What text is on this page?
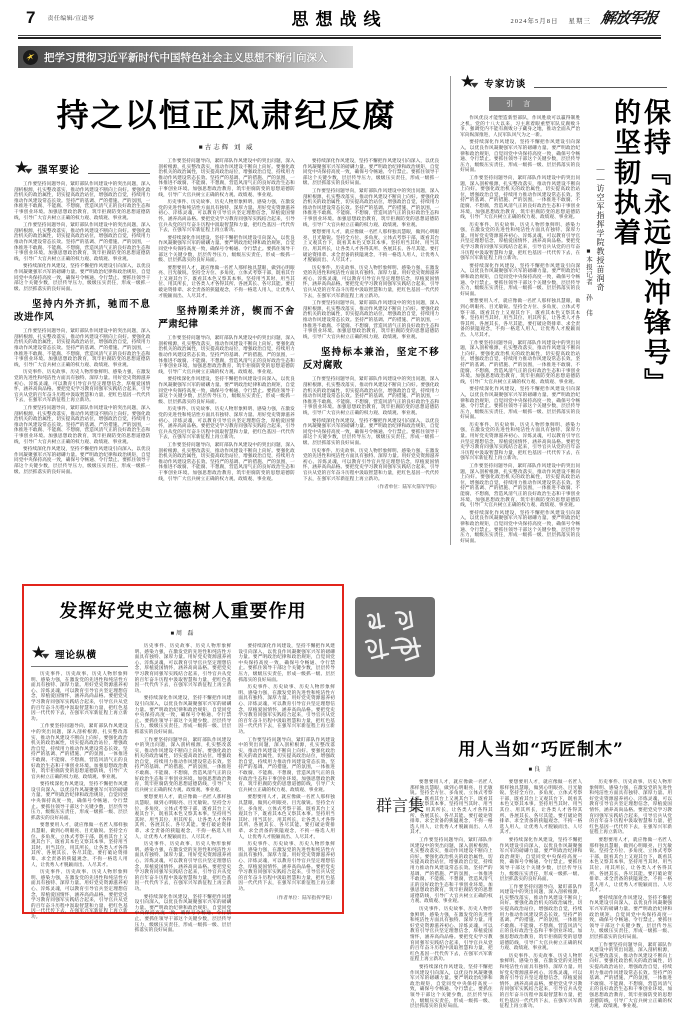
7 责任编辑/宣道琴	思想战线	2024年5月8日 星期三 解放军报
把学习贯彻习近平新时代中国特色社会主义思想不断引向深入
持之以恒正风肃纪反腐
■古志辉 刘 威
强军要论

工作要坚持问题导向，紧盯部队作风建设中的突出问题，深入剖析根源，扎实整改落实，推动作风建设不断向上向好。要强化政治机关的政治属性，切实提高政治站位，增强政治自觉，持续用力推动作风建设常态长效。坚持严的基调、严的措施、严的氛围，一体推进不敢腐、不能腐、不想腐，营造风清气正的良好政治生态和干事创业环境。加强思想政治教育，筑牢拒腐防变的思想道德防线，引导广大官兵树立正确的权力观、政绩观、事业观。

工作要坚持问题导向，紧盯部队作风建设中的突出问题，深入剖析根源，扎实整改落实，推动作风建设不断向上向好。要强化政治机关的政治属性，切实提高政治站位，增强政治自觉，持续用力推动作风建设常态长效。坚持严的基调、严的措施、严的氛围，一体推进不敢腐、不能腐、不想腐，营造风清气正的良好政治生态和干事创业环境。加强思想政治教育，筑牢拒腐防变的思想道德防线，引导广大官兵树立正确的权力观、政绩观、事业观。

要持续深化作风建设，坚持不懈把作风建设引向深入，以优良作风凝聚强军兴军的磅礴力量。要严明政治纪律和政治规矩，自觉同党中央保持高度一致，确保号令畅通、令行禁止。要抓住领导干部这个关键少数，层层传导压力，级级压实责任，形成一级抓一级、层层抓落实的良好局面。

坚持内外齐抓，驰而不息改进作风

工作要坚持问题导向，紧盯部队作风建设中的突出问题，深入剖析根源，扎实整改落实，推动作风建设不断向上向好。要强化政治机关的政治属性，切实提高政治站位，增强政治自觉，持续用力推动作风建设常态长效。坚持严的基调、严的措施、严的氛围，一体推进不敢腐、不能腐、不想腐，营造风清气正的良好政治生态和干事创业环境。加强思想政治教育，筑牢拒腐防变的思想道德防线，引导广大官兵树立正确的权力观、政绩观、事业观。

历史事件、历史故事、历史人物形象鲜明、感染力强，在激发党的先进性和纯洁性方面具有独特、深厚力量。用好党史资源滋养初心、淬炼灵魂，可以教育引导官兵坚定理想信念，厚植爱国情怀，涵养高尚品格。要把党史学习教育同强军实践结合起来，引导官兵从党的百年奋斗历程中汲取智慧和力量，把红色基因一代代传下去，在强军兴军新征程上再立新功。

工作要坚持问题导向，紧盯部队作风建设中的突出问题，深入剖析根源，扎实整改落实，推动作风建设不断向上向好。要强化政治机关的政治属性，切实提高政治站位，增强政治自觉，持续用力推动作风建设常态长效。坚持严的基调、严的措施、严的氛围，一体推进不敢腐、不能腐、不想腐，营造风清气正的良好政治生态和干事创业环境。加强思想政治教育，筑牢拒腐防变的思想道德防线，引导广大官兵树立正确的权力观、政绩观、事业观。

要持续深化作风建设，坚持不懈把作风建设引向深入，以优良作风凝聚强军兴军的磅礴力量。要严明政治纪律和政治规矩，自觉同党中央保持高度一致，确保号令畅通、令行禁止。要抓住领导干部这个关键少数，层层传导压力，级级压实责任，形成一级抓一级、层层抓落实的良好局面。

工作要坚持问题导向，紧盯部队作风建设中的突出问题，深入剖析根源，扎实整改落实，推动作风建设不断向上向好。要强化政治机关的政治属性，切实提高政治站位，增强政治自觉，持续用力推动作风建设常态长效。坚持严的基调、严的措施、严的氛围，一体推进不敢腐、不能腐、不想腐，营造风清气正的良好政治生态和干事创业环境。加强思想政治教育，筑牢拒腐防变的思想道德防线，引导广大官兵树立正确的权力观、政绩观、事业观。

历史事件、历史故事、历史人物形象鲜明、感染力强，在激发党的先进性和纯洁性方面具有独特、深厚力量。用好党史资源滋养初心、淬炼灵魂，可以教育引导官兵坚定理想信念，厚植爱国情怀，涵养高尚品格。要把党史学习教育同强军实践结合起来，引导官兵从党的百年奋斗历程中汲取智慧和力量，把红色基因一代代传下去，在强军兴军新征程上再立新功。

要持续深化作风建设，坚持不懈把作风建设引向深入，以优良作风凝聚强军兴军的磅礴力量。要严明政治纪律和政治规矩，自觉同党中央保持高度一致，确保号令畅通、令行禁止。要抓住领导干部这个关键少数，层层传导压力，级级压实责任，形成一级抓一级、层层抓落实的良好局面。

要想要用人才，就应像做一名匠人那样独具慧眼，做到心明眼亮、目光敏锐。坚持全方位、多角度、立体式考察干部，既看其台上又观其台下，既看其本色又察其本事。坚持用当其时、用当其位、用其所长，让各类人才各得其所、各展其长、各尽其能。要打破论资排辈、求全责备的狭隘观念，不拘一格选人用人，让优秀人才脱颖而出、人尽其才。

坚持刚柔并济，锲而不舍严肃纪律

工作要坚持问题导向，紧盯部队作风建设中的突出问题，深入剖析根源，扎实整改落实，推动作风建设不断向上向好。要强化政治机关的政治属性，切实提高政治站位，增强政治自觉，持续用力推动作风建设常态长效。坚持严的基调、严的措施、严的氛围，一体推进不敢腐、不能腐、不想腐，营造风清气正的良好政治生态和干事创业环境。加强思想政治教育，筑牢拒腐防变的思想道德防线，引导广大官兵树立正确的权力观、政绩观、事业观。

要持续深化作风建设，坚持不懈把作风建设引向深入，以优良作风凝聚强军兴军的磅礴力量。要严明政治纪律和政治规矩，自觉同党中央保持高度一致，确保号令畅通、令行禁止。要抓住领导干部这个关键少数，层层传导压力，级级压实责任，形成一级抓一级、层层抓落实的良好局面。

历史事件、历史故事、历史人物形象鲜明、感染力强，在激发党的先进性和纯洁性方面具有独特、深厚力量。用好党史资源滋养初心、淬炼灵魂，可以教育引导官兵坚定理想信念，厚植爱国情怀，涵养高尚品格。要把党史学习教育同强军实践结合起来，引导官兵从党的百年奋斗历程中汲取智慧和力量，把红色基因一代代传下去，在强军兴军新征程上再立新功。

工作要坚持问题导向，紧盯部队作风建设中的突出问题，深入剖析根源，扎实整改落实，推动作风建设不断向上向好。要强化政治机关的政治属性，切实提高政治站位，增强政治自觉，持续用力推动作风建设常态长效。坚持严的基调、严的措施、严的氛围，一体推进不敢腐、不能腐、不想腐，营造风清气正的良好政治生态和干事创业环境。加强思想政治教育，筑牢拒腐防变的思想道德防线，引导广大官兵树立正确的权力观、政绩观、事业观。

要持续深化作风建设，坚持不懈把作风建设引向深入，以优良作风凝聚强军兴军的磅礴力量。要严明政治纪律和政治规矩，自觉同党中央保持高度一致，确保号令畅通、令行禁止。要抓住领导干部这个关键少数，层层传导压力，级级压实责任，形成一级抓一级、层层抓落实的良好局面。

工作要坚持问题导向，紧盯部队作风建设中的突出问题，深入剖析根源，扎实整改落实，推动作风建设不断向上向好。要强化政治机关的政治属性，切实提高政治站位，增强政治自觉，持续用力推动作风建设常态长效。坚持严的基调、严的措施、严的氛围，一体推进不敢腐、不能腐、不想腐，营造风清气正的良好政治生态和干事创业环境。加强思想政治教育，筑牢拒腐防变的思想道德防线，引导广大官兵树立正确的权力观、政绩观、事业观。

要想要用人才，就应像做一名匠人那样独具慧眼，做到心明眼亮、目光敏锐。坚持全方位、多角度、立体式考察干部，既看其台上又观其台下，既看其本色又察其本事。坚持用当其时、用当其位、用其所长，让各类人才各得其所、各展其长、各尽其能。要打破论资排辈、求全责备的狭隘观念，不拘一格选人用人，让优秀人才脱颖而出、人尽其才。

历史事件、历史故事、历史人物形象鲜明、感染力强，在激发党的先进性和纯洁性方面具有独特、深厚力量。用好党史资源滋养初心、淬炼灵魂，可以教育引导官兵坚定理想信念，厚植爱国情怀，涵养高尚品格。要把党史学习教育同强军实践结合起来，引导官兵从党的百年奋斗历程中汲取智慧和力量，把红色基因一代代传下去，在强军兴军新征程上再立新功。

工作要坚持问题导向，紧盯部队作风建设中的突出问题，深入剖析根源，扎实整改落实，推动作风建设不断向上向好。要强化政治机关的政治属性，切实提高政治站位，增强政治自觉，持续用力推动作风建设常态长效。坚持严的基调、严的措施、严的氛围，一体推进不敢腐、不能腐、不想腐，营造风清气正的良好政治生态和干事创业环境。加强思想政治教育，筑牢拒腐防变的思想道德防线，引导广大官兵树立正确的权力观、政绩观、事业观。

坚持标本兼治，坚定不移反对腐败

工作要坚持问题导向，紧盯部队作风建设中的突出问题，深入剖析根源，扎实整改落实，推动作风建设不断向上向好。要强化政治机关的政治属性，切实提高政治站位，增强政治自觉，持续用力推动作风建设常态长效。坚持严的基调、严的措施、严的氛围，一体推进不敢腐、不能腐、不想腐，营造风清气正的良好政治生态和干事创业环境。加强思想政治教育，筑牢拒腐防变的思想道德防线，引导广大官兵树立正确的权力观、政绩观、事业观。

要持续深化作风建设，坚持不懈把作风建设引向深入，以优良作风凝聚强军兴军的磅礴力量。要严明政治纪律和政治规矩，自觉同党中央保持高度一致，确保号令畅通、令行禁止。要抓住领导干部这个关键少数，层层传导压力，级级压实责任，形成一级抓一级、层层抓落实的良好局面。

历史事件、历史故事、历史人物形象鲜明、感染力强，在激发党的先进性和纯洁性方面具有独特、深厚力量。用好党史资源滋养初心、淬炼灵魂，可以教育引导官兵坚定理想信念，厚植爱国情怀，涵养高尚品格。要把党史学习教育同强军实践结合起来，引导官兵从党的百年奋斗历程中汲取智慧和力量，把红色基因一代代传下去，在强军兴军新征程上再立新功。

（作者单位：陆军火箭军学院）
专家访谈
■本报记者 孙 伟 ——访空军指挥学院教授苗润奇	保持『永远吹冲锋号』的坚韧执着
引 言

作风优良才能塑造新型部队，作风胜敌可以赢得制胜之机。党的十八大以来，习主席着眼重塑军队反腐败斗争、强调党内不能有腐败分子藏身之地，推动全面从严治军向纵深推进，人民军队风气为之一新。

要持续深化作风建设，坚持不懈把作风建设引向深入，以优良作风凝聚强军兴军的磅礴力量。要严明政治纪律和政治规矩，自觉同党中央保持高度一致，确保号令畅通、令行禁止。要抓住领导干部这个关键少数，层层传导压力，级级压实责任，形成一级抓一级、层层抓落实的良好局面。

工作要坚持问题导向，紧盯部队作风建设中的突出问题，深入剖析根源，扎实整改落实，推动作风建设不断向上向好。要强化政治机关的政治属性，切实提高政治站位，增强政治自觉，持续用力推动作风建设常态长效。坚持严的基调、严的措施、严的氛围，一体推进不敢腐、不能腐、不想腐，营造风清气正的良好政治生态和干事创业环境。加强思想政治教育，筑牢拒腐防变的思想道德防线，引导广大官兵树立正确的权力观、政绩观、事业观。

历史事件、历史故事、历史人物形象鲜明、感染力强，在激发党的先进性和纯洁性方面具有独特、深厚力量。用好党史资源滋养初心、淬炼灵魂，可以教育引导官兵坚定理想信念，厚植爱国情怀，涵养高尚品格。要把党史学习教育同强军实践结合起来，引导官兵从党的百年奋斗历程中汲取智慧和力量，把红色基因一代代传下去，在强军兴军新征程上再立新功。

要持续深化作风建设，坚持不懈把作风建设引向深入，以优良作风凝聚强军兴军的磅礴力量。要严明政治纪律和政治规矩，自觉同党中央保持高度一致，确保号令畅通、令行禁止。要抓住领导干部这个关键少数，层层传导压力，级级压实责任，形成一级抓一级、层层抓落实的良好局面。

要想要用人才，就应像做一名匠人那样独具慧眼，做到心明眼亮、目光敏锐。坚持全方位、多角度、立体式考察干部，既看其台上又观其台下，既看其本色又察其本事。坚持用当其时、用当其位、用其所长，让各类人才各得其所、各展其长、各尽其能。要打破论资排辈、求全责备的狭隘观念，不拘一格选人用人，让优秀人才脱颖而出、人尽其才。

工作要坚持问题导向，紧盯部队作风建设中的突出问题，深入剖析根源，扎实整改落实，推动作风建设不断向上向好。要强化政治机关的政治属性，切实提高政治站位，增强政治自觉，持续用力推动作风建设常态长效。坚持严的基调、严的措施、严的氛围，一体推进不敢腐、不能腐、不想腐，营造风清气正的良好政治生态和干事创业环境。加强思想政治教育，筑牢拒腐防变的思想道德防线，引导广大官兵树立正确的权力观、政绩观、事业观。

要持续深化作风建设，坚持不懈把作风建设引向深入，以优良作风凝聚强军兴军的磅礴力量。要严明政治纪律和政治规矩，自觉同党中央保持高度一致，确保号令畅通、令行禁止。要抓住领导干部这个关键少数，层层传导压力，级级压实责任，形成一级抓一级、层层抓落实的良好局面。

历史事件、历史故事、历史人物形象鲜明、感染力强，在激发党的先进性和纯洁性方面具有独特、深厚力量。用好党史资源滋养初心、淬炼灵魂，可以教育引导官兵坚定理想信念，厚植爱国情怀，涵养高尚品格。要把党史学习教育同强军实践结合起来，引导官兵从党的百年奋斗历程中汲取智慧和力量，把红色基因一代代传下去，在强军兴军新征程上再立新功。

工作要坚持问题导向，紧盯部队作风建设中的突出问题，深入剖析根源，扎实整改落实，推动作风建设不断向上向好。要强化政治机关的政治属性，切实提高政治站位，增强政治自觉，持续用力推动作风建设常态长效。坚持严的基调、严的措施、严的氛围，一体推进不敢腐、不能腐、不想腐，营造风清气正的良好政治生态和干事创业环境。加强思想政治教育，筑牢拒腐防变的思想道德防线，引导广大官兵树立正确的权力观、政绩观、事业观。

要持续深化作风建设，坚持不懈把作风建设引向深入，以优良作风凝聚强军兴军的磅礴力量。要严明政治纪律和政治规矩，自觉同党中央保持高度一致，确保号令畅通、令行禁止。要抓住领导干部这个关键少数，层层传导压力，级级压实责任，形成一级抓一级、层层抓落实的良好局面。

发挥好党史立德树人重要作用
■周 磊
理论纵横

历史事件、历史故事、历史人物形象鲜明、感染力强，在激发党的先进性和纯洁性方面具有独特、深厚力量。用好党史资源滋养初心、淬炼灵魂，可以教育引导官兵坚定理想信念，厚植爱国情怀，涵养高尚品格。要把党史学习教育同强军实践结合起来，引导官兵从党的百年奋斗历程中汲取智慧和力量，把红色基因一代代传下去，在强军兴军新征程上再立新功。

工作要坚持问题导向，紧盯部队作风建设中的突出问题，深入剖析根源，扎实整改落实，推动作风建设不断向上向好。要强化政治机关的政治属性，切实提高政治站位，增强政治自觉，持续用力推动作风建设常态长效。坚持严的基调、严的措施、严的氛围，一体推进不敢腐、不能腐、不想腐，营造风清气正的良好政治生态和干事创业环境。加强思想政治教育，筑牢拒腐防变的思想道德防线，引导广大官兵树立正确的权力观、政绩观、事业观。

要持续深化作风建设，坚持不懈把作风建设引向深入，以优良作风凝聚强军兴军的磅礴力量。要严明政治纪律和政治规矩，自觉同党中央保持高度一致，确保号令畅通、令行禁止。要抓住领导干部这个关键少数，层层传导压力，级级压实责任，形成一级抓一级、层层抓落实的良好局面。

要想要用人才，就应像做一名匠人那样独具慧眼，做到心明眼亮、目光敏锐。坚持全方位、多角度、立体式考察干部，既看其台上又观其台下，既看其本色又察其本事。坚持用当其时、用当其位、用其所长，让各类人才各得其所、各展其长、各尽其能。要打破论资排辈、求全责备的狭隘观念，不拘一格选人用人，让优秀人才脱颖而出、人尽其才。

历史事件、历史故事、历史人物形象鲜明、感染力强，在激发党的先进性和纯洁性方面具有独特、深厚力量。用好党史资源滋养初心、淬炼灵魂，可以教育引导官兵坚定理想信念，厚植爱国情怀，涵养高尚品格。要把党史学习教育同强军实践结合起来，引导官兵从党的百年奋斗历程中汲取智慧和力量，把红色基因一代代传下去，在强军兴军新征程上再立新功。

历史事件、历史故事、历史人物形象鲜明、感染力强，在激发党的先进性和纯洁性方面具有独特、深厚力量。用好党史资源滋养初心、淬炼灵魂，可以教育引导官兵坚定理想信念，厚植爱国情怀，涵养高尚品格。要把党史学习教育同强军实践结合起来，引导官兵从党的百年奋斗历程中汲取智慧和力量，把红色基因一代代传下去，在强军兴军新征程上再立新功。

要持续深化作风建设，坚持不懈把作风建设引向深入，以优良作风凝聚强军兴军的磅礴力量。要严明政治纪律和政治规矩，自觉同党中央保持高度一致，确保号令畅通、令行禁止。要抓住领导干部这个关键少数，层层传导压力，级级压实责任，形成一级抓一级、层层抓落实的良好局面。

工作要坚持问题导向，紧盯部队作风建设中的突出问题，深入剖析根源，扎实整改落实，推动作风建设不断向上向好。要强化政治机关的政治属性，切实提高政治站位，增强政治自觉，持续用力推动作风建设常态长效。坚持严的基调、严的措施、严的氛围，一体推进不敢腐、不能腐、不想腐，营造风清气正的良好政治生态和干事创业环境。加强思想政治教育，筑牢拒腐防变的思想道德防线，引导广大官兵树立正确的权力观、政绩观、事业观。

要想要用人才，就应像做一名匠人那样独具慧眼，做到心明眼亮、目光敏锐。坚持全方位、多角度、立体式考察干部，既看其台上又观其台下，既看其本色又察其本事。坚持用当其时、用当其位、用其所长，让各类人才各得其所、各展其长、各尽其能。要打破论资排辈、求全责备的狭隘观念，不拘一格选人用人，让优秀人才脱颖而出、人尽其才。

历史事件、历史故事、历史人物形象鲜明、感染力强，在激发党的先进性和纯洁性方面具有独特、深厚力量。用好党史资源滋养初心、淬炼灵魂，可以教育引导官兵坚定理想信念，厚植爱国情怀，涵养高尚品格。要把党史学习教育同强军实践结合起来，引导官兵从党的百年奋斗历程中汲取智慧和力量，把红色基因一代代传下去，在强军兴军新征程上再立新功。

要持续深化作风建设，坚持不懈把作风建设引向深入，以优良作风凝聚强军兴军的磅礴力量。要严明政治纪律和政治规矩，自觉同党中央保持高度一致，确保号令畅通、令行禁止。要抓住领导干部这个关键少数，层层传导压力，级级压实责任，形成一级抓一级、层层抓落实的良好局面。

要持续深化作风建设，坚持不懈把作风建设引向深入，以优良作风凝聚强军兴军的磅礴力量。要严明政治纪律和政治规矩，自觉同党中央保持高度一致，确保号令畅通、令行禁止。要抓住领导干部这个关键少数，层层传导压力，级级压实责任，形成一级抓一级、层层抓落实的良好局面。

历史事件、历史故事、历史人物形象鲜明、感染力强，在激发党的先进性和纯洁性方面具有独特、深厚力量。用好党史资源滋养初心、淬炼灵魂，可以教育引导官兵坚定理想信念，厚植爱国情怀，涵养高尚品格。要把党史学习教育同强军实践结合起来，引导官兵从党的百年奋斗历程中汲取智慧和力量，把红色基因一代代传下去，在强军兴军新征程上再立新功。

工作要坚持问题导向，紧盯部队作风建设中的突出问题，深入剖析根源，扎实整改落实，推动作风建设不断向上向好。要强化政治机关的政治属性，切实提高政治站位，增强政治自觉，持续用力推动作风建设常态长效。坚持严的基调、严的措施、严的氛围，一体推进不敢腐、不能腐、不想腐，营造风清气正的良好政治生态和干事创业环境。加强思想政治教育，筑牢拒腐防变的思想道德防线，引导广大官兵树立正确的权力观、政绩观、事业观。

要想要用人才，就应像做一名匠人那样独具慧眼，做到心明眼亮、目光敏锐。坚持全方位、多角度、立体式考察干部，既看其台上又观其台下，既看其本色又察其本事。坚持用当其时、用当其位、用其所长，让各类人才各得其所、各展其长、各尽其能。要打破论资排辈、求全责备的狭隘观念，不拘一格选人用人，让优秀人才脱颖而出、人尽其才。

历史事件、历史故事、历史人物形象鲜明、感染力强，在激发党的先进性和纯洁性方面具有独特、深厚力量。用好党史资源滋养初心、淬炼灵魂，可以教育引导官兵坚定理想信念，厚植爱国情怀，涵养高尚品格。要把党史学习教育同强军实践结合起来，引导官兵从党的百年奋斗历程中汲取智慧和力量，把红色基因一代代传下去，在强军兴军新征程上再立新功。

（作者单位：陆军指挥学院）
用人当如“巧匠制木”
■良 言

要想要用人才，就应像做一名匠人那样独具慧眼，做到心明眼亮、目光敏锐。坚持全方位、多角度、立体式考察干部，既看其台上又观其台下，既看其本色又察其本事。坚持用当其时、用当其位、用其所长，让各类人才各得其所、各展其长、各尽其能。要打破论资排辈、求全责备的狭隘观念，不拘一格选人用人，让优秀人才脱颖而出、人尽其才。

工作要坚持问题导向，紧盯部队作风建设中的突出问题，深入剖析根源，扎实整改落实，推动作风建设不断向上向好。要强化政治机关的政治属性，切实提高政治站位，增强政治自觉，持续用力推动作风建设常态长效。坚持严的基调、严的措施、严的氛围，一体推进不敢腐、不能腐、不想腐，营造风清气正的良好政治生态和干事创业环境。加强思想政治教育，筑牢拒腐防变的思想道德防线，引导广大官兵树立正确的权力观、政绩观、事业观。

历史事件、历史故事、历史人物形象鲜明、感染力强，在激发党的先进性和纯洁性方面具有独特、深厚力量。用好党史资源滋养初心、淬炼灵魂，可以教育引导官兵坚定理想信念，厚植爱国情怀，涵养高尚品格。要把党史学习教育同强军实践结合起来，引导官兵从党的百年奋斗历程中汲取智慧和力量，把红色基因一代代传下去，在强军兴军新征程上再立新功。

要持续深化作风建设，坚持不懈把作风建设引向深入，以优良作风凝聚强军兴军的磅礴力量。要严明政治纪律和政治规矩，自觉同党中央保持高度一致，确保号令畅通、令行禁止。要抓住领导干部这个关键少数，层层传导压力，级级压实责任，形成一级抓一级、层层抓落实的良好局面。

要想要用人才，就应像做一名匠人那样独具慧眼，做到心明眼亮、目光敏锐。坚持全方位、多角度、立体式考察干部，既看其台上又观其台下，既看其本色又察其本事。坚持用当其时、用当其位、用其所长，让各类人才各得其所、各展其长、各尽其能。要打破论资排辈、求全责备的狭隘观念，不拘一格选人用人，让优秀人才脱颖而出、人尽其才。

要持续深化作风建设，坚持不懈把作风建设引向深入，以优良作风凝聚强军兴军的磅礴力量。要严明政治纪律和政治规矩，自觉同党中央保持高度一致，确保号令畅通、令行禁止。要抓住领导干部这个关键少数，层层传导压力，级级压实责任，形成一级抓一级、层层抓落实的良好局面。

工作要坚持问题导向，紧盯部队作风建设中的突出问题，深入剖析根源，扎实整改落实，推动作风建设不断向上向好。要强化政治机关的政治属性，切实提高政治站位，增强政治自觉，持续用力推动作风建设常态长效。坚持严的基调、严的措施、严的氛围，一体推进不敢腐、不能腐、不想腐，营造风清气正的良好政治生态和干事创业环境。加强思想政治教育，筑牢拒腐防变的思想道德防线，引导广大官兵树立正确的权力观、政绩观、事业观。

历史事件、历史故事、历史人物形象鲜明、感染力强，在激发党的先进性和纯洁性方面具有独特、深厚力量。用好党史资源滋养初心、淬炼灵魂，可以教育引导官兵坚定理想信念，厚植爱国情怀，涵养高尚品格。要把党史学习教育同强军实践结合起来，引导官兵从党的百年奋斗历程中汲取智慧和力量，把红色基因一代代传下去，在强军兴军新征程上再立新功。

历史事件、历史故事、历史人物形象鲜明、感染力强，在激发党的先进性和纯洁性方面具有独特、深厚力量。用好党史资源滋养初心、淬炼灵魂，可以教育引导官兵坚定理想信念，厚植爱国情怀，涵养高尚品格。要把党史学习教育同强军实践结合起来，引导官兵从党的百年奋斗历程中汲取智慧和力量，把红色基因一代代传下去，在强军兴军新征程上再立新功。

要想要用人才，就应像做一名匠人那样独具慧眼，做到心明眼亮、目光敏锐。坚持全方位、多角度、立体式考察干部，既看其台上又观其台下，既看其本色又察其本事。坚持用当其时、用当其位、用其所长，让各类人才各得其所、各展其长、各尽其能。要打破论资排辈、求全责备的狭隘观念，不拘一格选人用人，让优秀人才脱颖而出、人尽其才。

要持续深化作风建设，坚持不懈把作风建设引向深入，以优良作风凝聚强军兴军的磅礴力量。要严明政治纪律和政治规矩，自觉同党中央保持高度一致，确保号令畅通、令行禁止。要抓住领导干部这个关键少数，层层传导压力，级级压实责任，形成一级抓一级、层层抓落实的良好局面。

工作要坚持问题导向，紧盯部队作风建设中的突出问题，深入剖析根源，扎实整改落实，推动作风建设不断向上向好。要强化政治机关的政治属性，切实提高政治站位，增强政治自觉，持续用力推动作风建设常态长效。坚持严的基调、严的措施、严的氛围，一体推进不敢腐、不能腐、不想腐，营造风清气正的良好政治生态和干事创业环境。加强思想政治教育，筑牢拒腐防变的思想道德防线，引导广大官兵树立正确的权力观、政绩观、事业观。

群言集
